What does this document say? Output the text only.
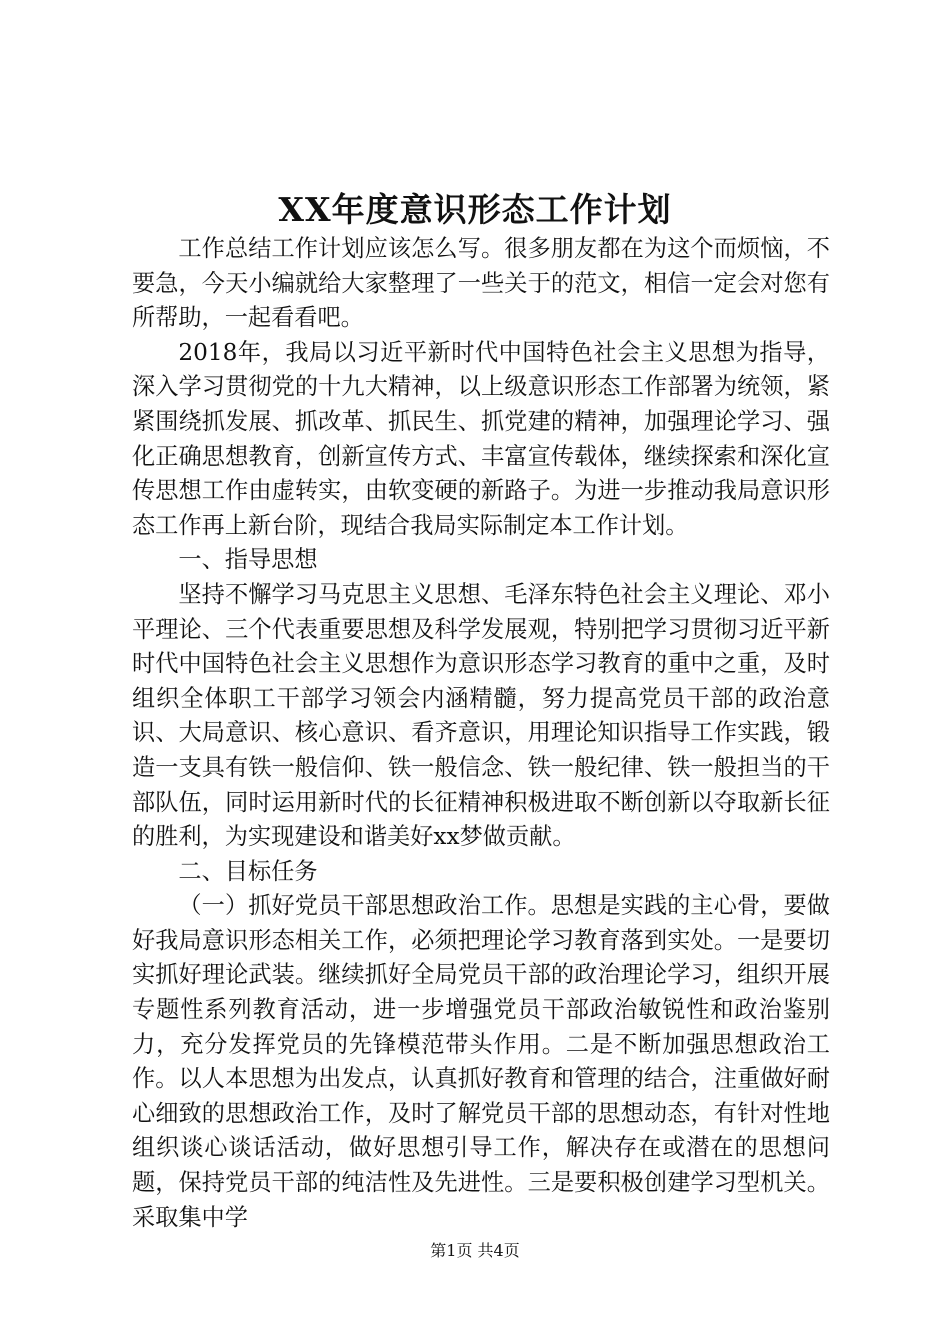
XX年度意识形态工作计划

工作总结工作计划应该怎么写。很多朋友都在为这个而烦恼，不要急，今天小编就给大家整理了一些关于的范文，相信一定会对您有所帮助，一起看看吧。

2018年，我局以习近平新时代中国特色社会主义思想为指导，深入学习贯彻党的十九大精神，以上级意识形态工作部署为统领，紧紧围绕抓发展、抓改革、抓民生、抓党建的精神，加强理论学习、强化正确思想教育，创新宣传方式、丰富宣传载体，继续探索和深化宣传思想工作由虚转实，由软变硬的新路子。为进一步推动我局意识形态工作再上新台阶，现结合我局实际制定本工作计划。

一、指导思想

坚持不懈学习马克思主义思想、毛泽东特色社会主义理论、邓小平理论、三个代表重要思想及科学发展观，特别把学习贯彻习近平新时代中国特色社会主义思想作为意识形态学习教育的重中之重，及时组织全体职工干部学习领会内涵精髓，努力提高党员干部的政治意识、大局意识、核心意识、看齐意识，用理论知识指导工作实践，锻造一支具有铁一般信仰、铁一般信念、铁一般纪律、铁一般担当的干部队伍，同时运用新时代的长征精神积极进取不断创新以夺取新长征的胜利，为实现建设和谐美好xx梦做贡献。

二、目标任务

（一）抓好党员干部思想政治工作。思想是实践的主心骨，要做好我局意识形态相关工作，必须把理论学习教育落到实处。一是要切实抓好理论武装。继续抓好全局党员干部的政治理论学习，组织开展专题性系列教育活动，进一步增强党员干部政治敏锐性和政治鉴别力，充分发挥党员的先锋模范带头作用。二是不断加强思想政治工作。以人本思想为出发点，认真抓好教育和管理的结合，注重做好耐心细致的思想政治工作，及时了解党员干部的思想动态，有针对性地组织谈心谈话活动，做好思想引导工作，解决存在或潜在的思想问题，保持党员干部的纯洁性及先进性。三是要积极创建学习型机关。采取集中学

第1页 共4页
